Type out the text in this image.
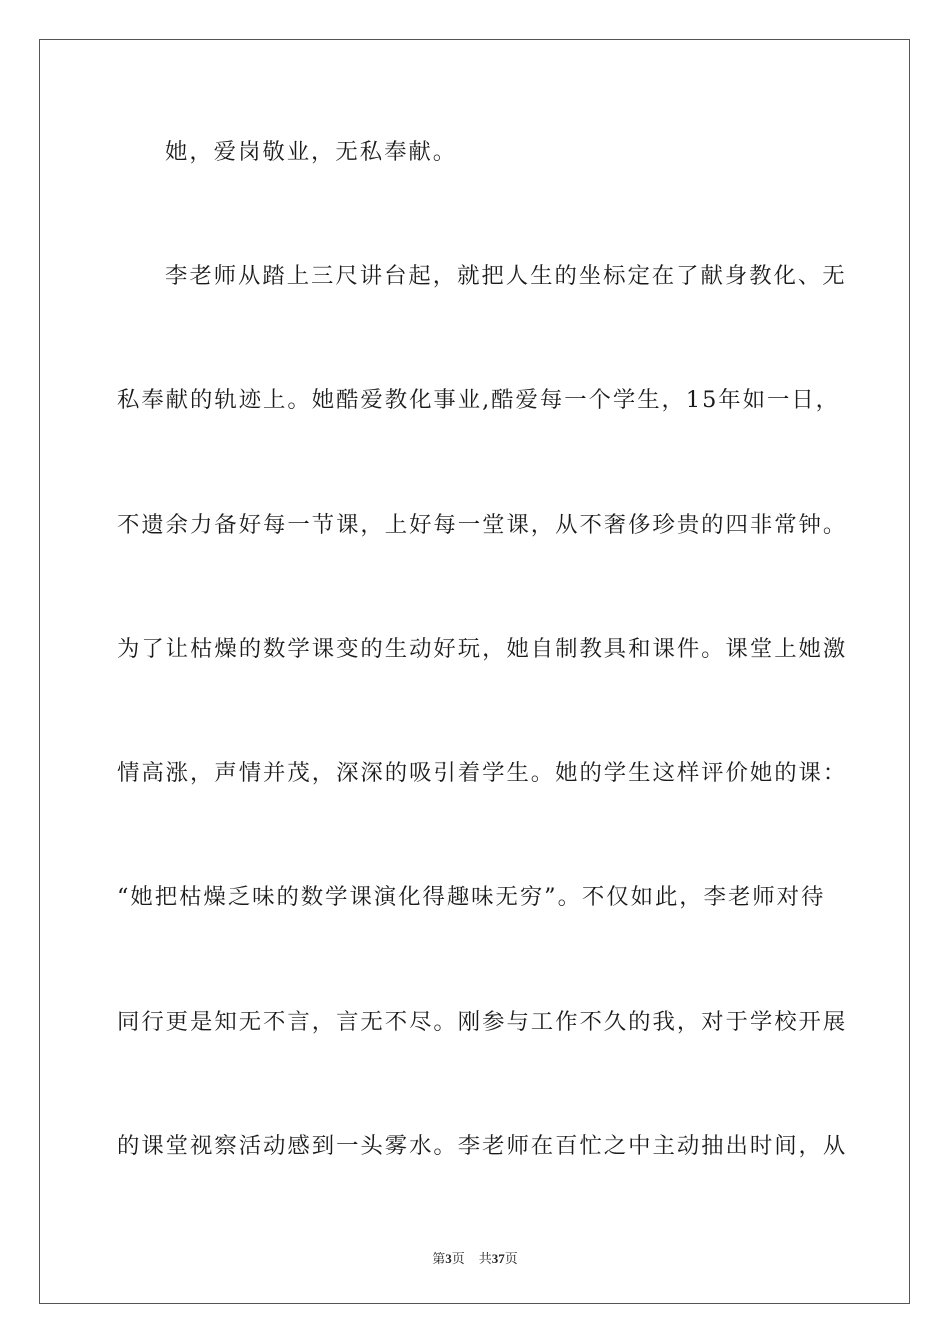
她，爱岗敬业，无私奉献。
李老师从踏上三尺讲台起，就把人生的坐标定在了献身教化、无
私奉献的轨迹上。她酷爱教化事业,酷爱每一个学生，15年如一日，
不遗余力备好每一节课，上好每一堂课，从不奢侈珍贵的四非常钟。
为了让枯燥的数学课变的生动好玩，她自制教具和课件。课堂上她激
情高涨，声情并茂，深深的吸引着学生。她的学生这样评价她的课：
“她把枯燥乏味的数学课演化得趣味无穷”。不仅如此，李老师对待
同行更是知无不言，言无不尽。刚参与工作不久的我，对于学校开展
的课堂视察活动感到一头雾水。李老师在百忙之中主动抽出时间，从
第3页 共37页
